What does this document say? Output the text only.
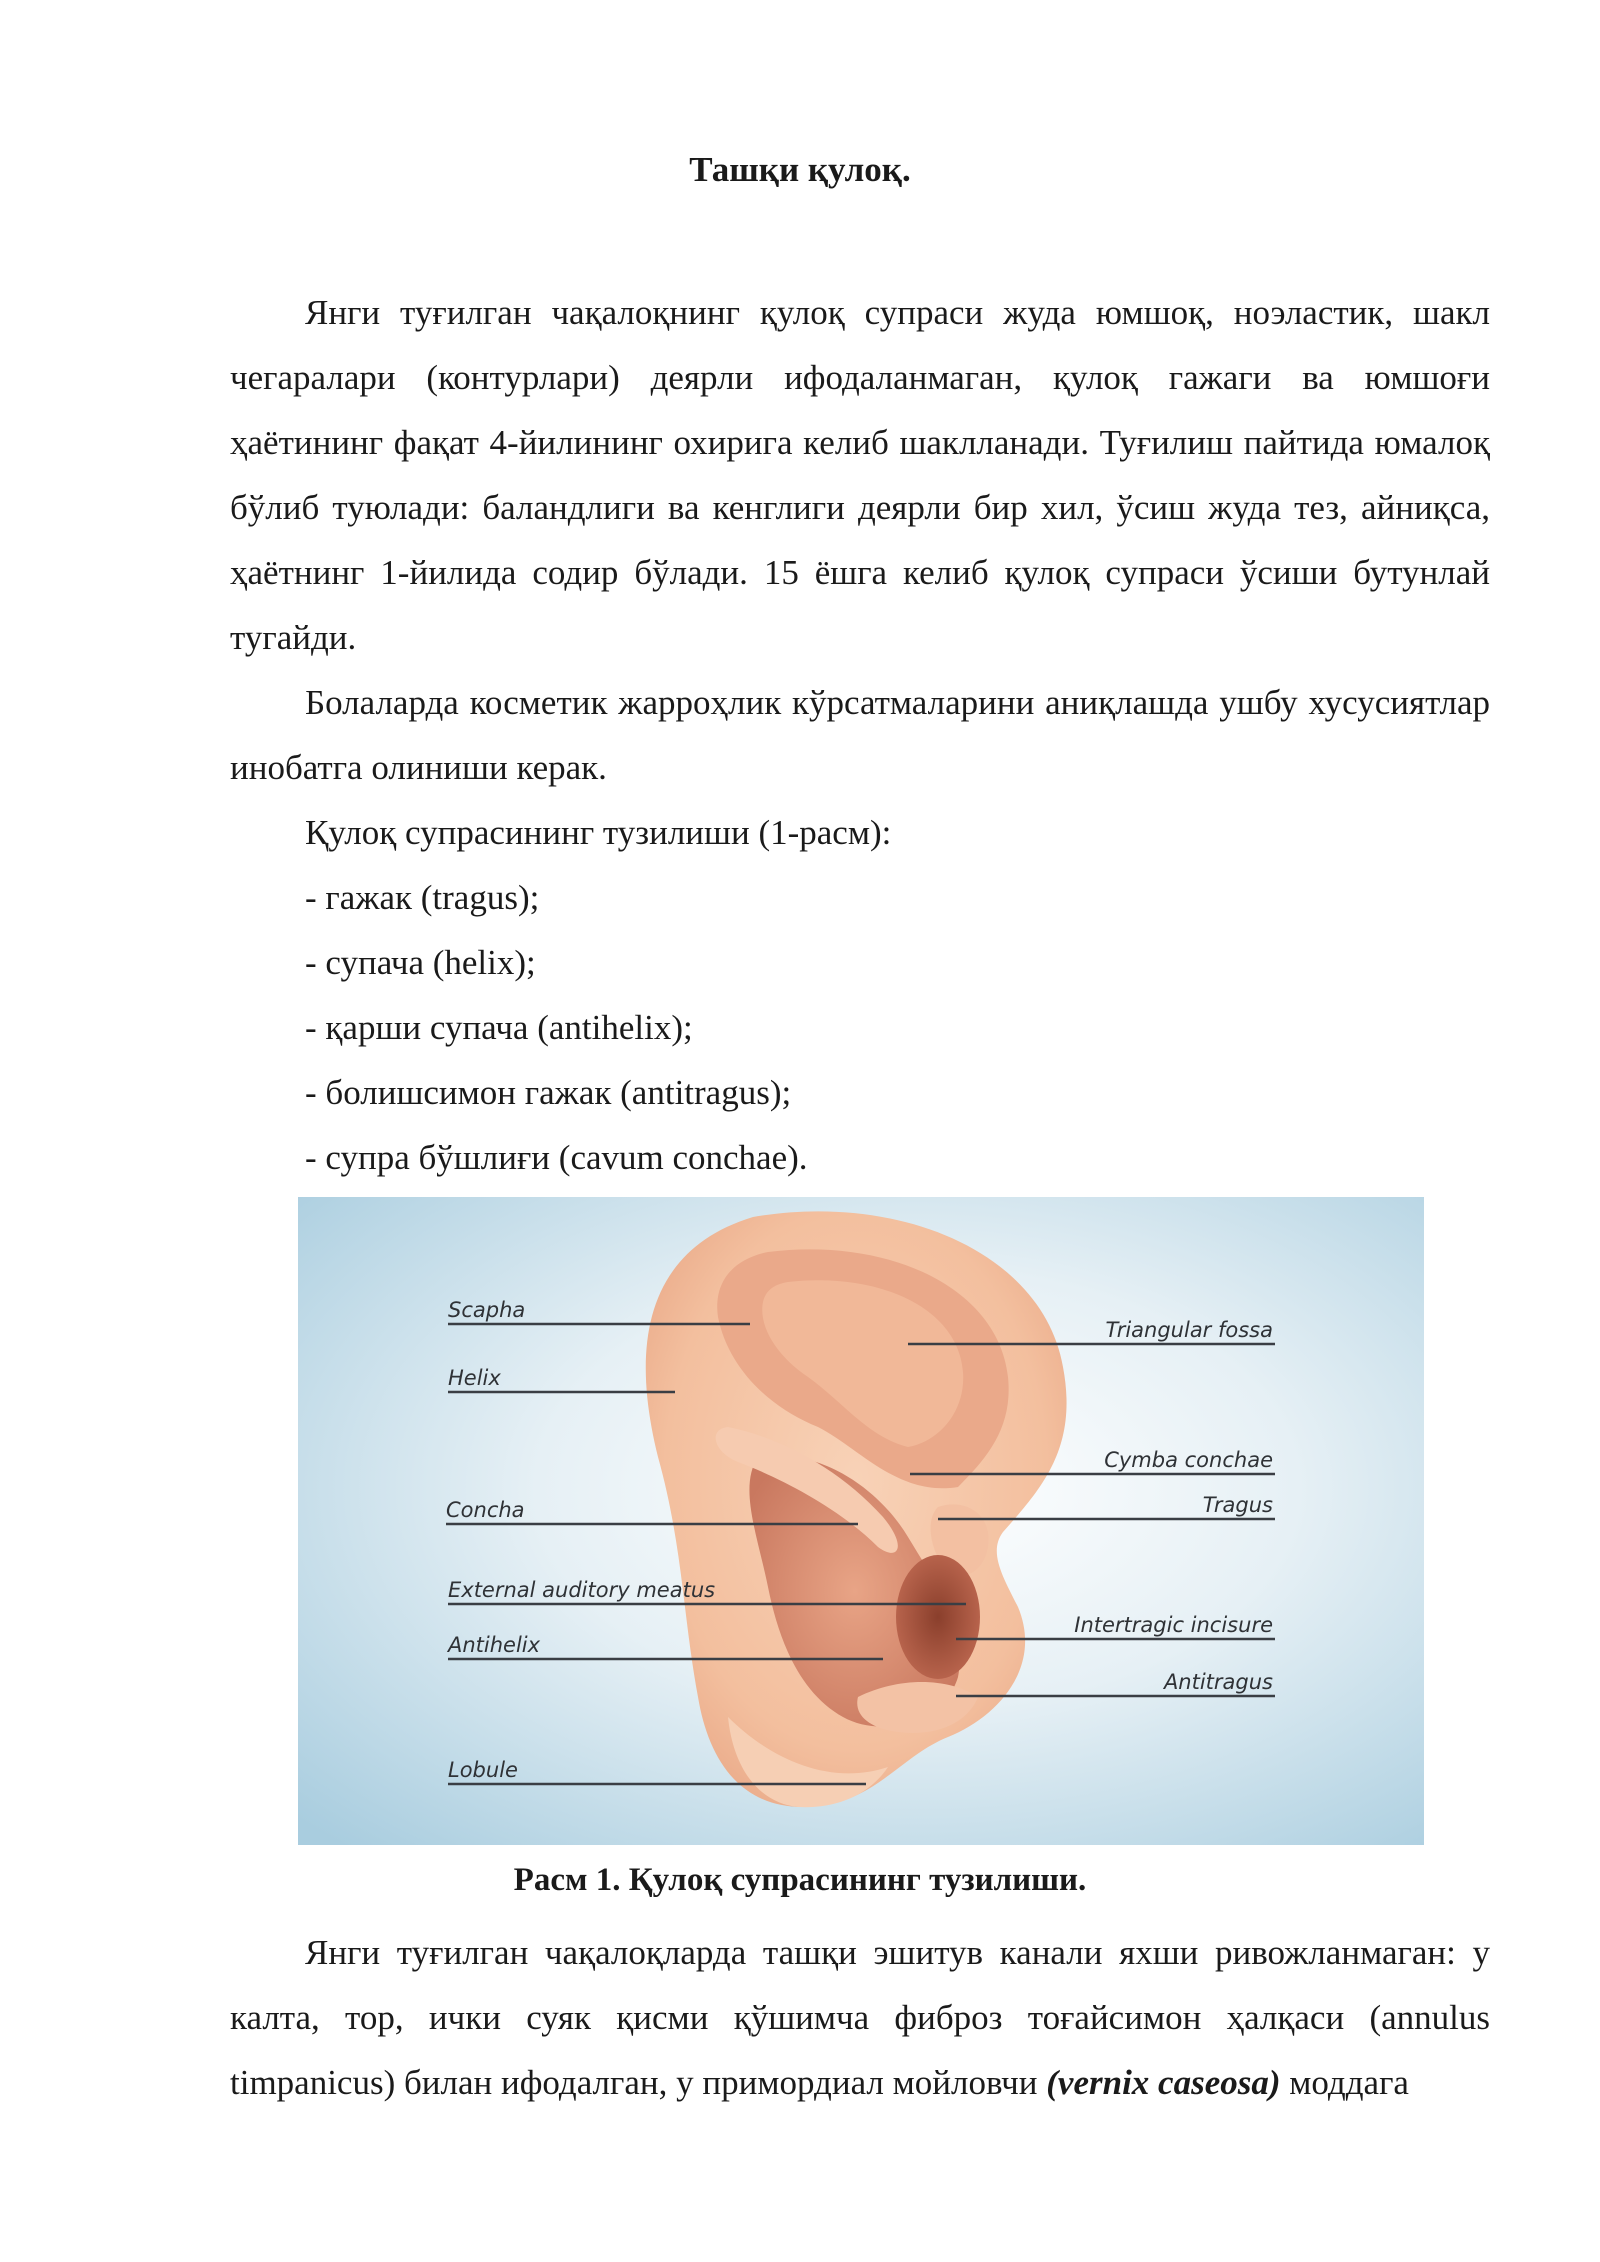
Ташқи қулоқ.

Янги туғилган чақалоқнинг қулоқ супраси жуда юмшоқ, ноэластик, шакл чегаралари (контурлари) деярли ифодаланмаган, қулоқ гажаги ва юмшоғи ҳаётининг фақат 4-йилининг охирига келиб шаклланади. Туғилиш пайтида юмалоқ бўлиб туюлади: баландлиги ва кенглиги деярли бир хил, ўсиш жуда тез, айниқса, ҳаётнинг 1-йилида содир бўлади. 15 ёшга келиб қулоқ супраси ўсиши бутунлай тугайди.

Болаларда косметик жарроҳлик кўрсатмаларини аниқлашда ушбу хусусиятлар инобатга олиниши керак.

Қулоқ супрасининг тузилиши (1-расм):
- гажак (tragus);
- супача (helix);
- қарши супача (antihelix);
- болишсимон гажак (antitragus);
- супра бўшлиғи (cavum conchae).
Scapha
Helix
Concha
External auditory meatus
Antihelix
Lobule
Triangular fossa
Cymba conchae
Tragus
Intertragic incisure
Antitragus
Расм 1. Қулоқ супрасининг тузилиши.

Янги туғилган чақалоқларда ташқи эшитув канали яхши ривожланмаган: у калта, тор, ички суяк қисми қўшимча фиброз тоғайсимон ҳалқаси (annulus timpanicus) билан ифодалган, у примордиал мойловчи (vernix caseosa) моддага
